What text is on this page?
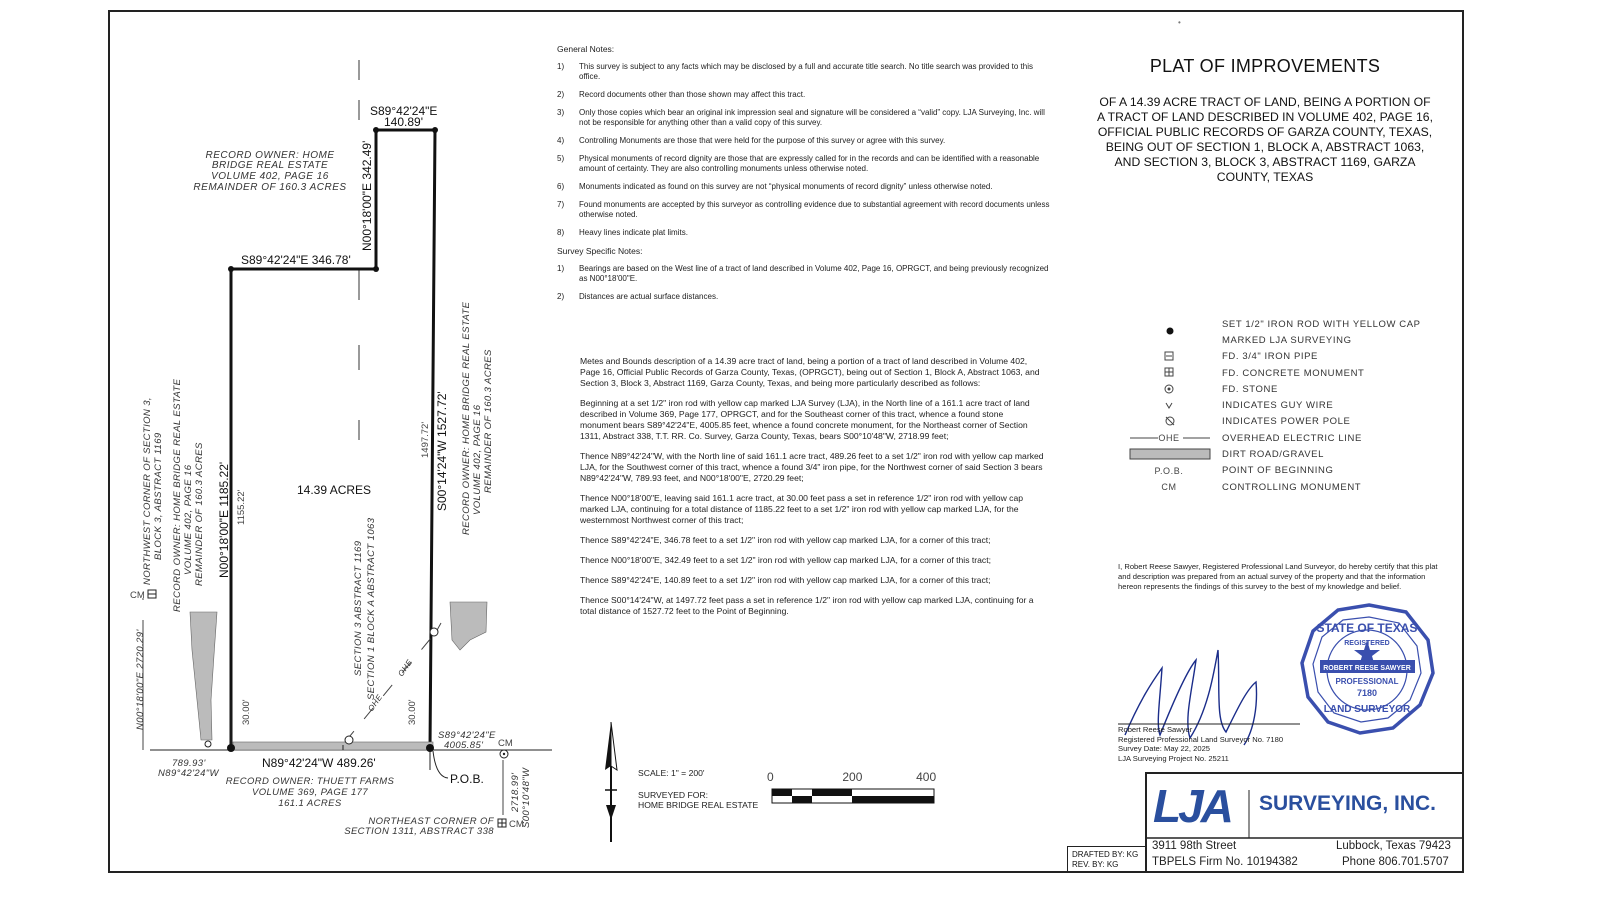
RECORD OWNER: HOME
BRIDGE REAL ESTATE
VOLUME 402, PAGE 16
REMAINDER OF 160.3 ACRES
S89°42'24"E
140.89'
N00°18'00"E 342.49'
S89°42'24"E 346.78'
N00°18'00"E 1185.22'	14.39 ACRES	S00°14'24"W 1527.72'
N89°42'24"W 489.26'
P.O.B.
1155.22'
1497.72'
30.00'	30.00'
CM
CM
CM
RECORD OWNER: HOME BRIDGE REAL ESTATE VOLUME 402, PAGE 16 REMAINDER OF 160.3 ACRES
NORTHWEST CORNER OF SECTION 3, BLOCK 3, ABSTRACT 1169 RECORD OWNER: HOME BRIDGE REAL ESTATE VOLUME 402, PAGE 16 REMAINDER OF 160.3 ACRES
N00°18'00"E 2720.29'
SECTION 3 ABSTRACT 1169 SECTION 1 BLOCK A ABSTRACT 1063
OHE
OHE
S89°42'24"E
4005.85'
789.93'
N89°42'24"W
RECORD OWNER: THUETT FARMS
VOLUME 369, PAGE 177
161.1 ACRES
NORTHEAST CORNER OF
SECTION 1311, ABSTRACT 338
2718.99' S00°10'48"W
STATE OF TEXAS
REGISTERED
ROBERT REESE SAWYER
PROFESSIONAL
7180
LAND SURVEYOR
General Notes:
1)	This survey is subject to any facts which may be disclosed by a full and accurate title search. No title search was provided to this office.
2)	Record documents other than those shown may affect this tract.
3)	Only those copies which bear an original ink impression seal and signature will be considered a “valid” copy. LJA Surveying, Inc. will not be responsible for anything other than a valid copy of this survey.
4)	Controlling Monuments are those that were held for the purpose of this survey or agree with this survey.
5)	Physical monuments of record dignity are those that are expressly called for in the records and can be identified with a reasonable amount of certainty. They are also controlling monuments unless otherwise noted.
6)	Monuments indicated as found on this survey are not “physical monuments of record dignity” unless otherwise noted.
7)	Found monuments are accepted by this surveyor as controlling evidence due to substantial agreement with record documents unless otherwise noted.
8)	Heavy lines indicate plat limits.
Survey Specific Notes:
1)	Bearings are based on the West line of a tract of land described in Volume 402, Page 16, OPRGCT, and being previously recognized as N00°18'00"E.
2)	Distances are actual surface distances.

Metes and Bounds description of a 14.39 acre tract of land, being a portion of a tract of land described in Volume 402, Page 16, Official Public Records of Garza County, Texas, (OPRGCT), being out of Section 1, Block A, Abstract 1063, and Section 3, Block 3, Abstract 1169, Garza County, Texas, and being more particularly described as follows:

Beginning at a set 1/2" iron rod with yellow cap marked LJA Survey (LJA), in the North line of a 161.1 acre tract of land described in Volume 369, Page 177, OPRGCT, and for the Southeast corner of this tract, whence a found stone monument bears S89°42'24"E, 4005.85 feet, whence a found concrete monument, for the Northeast corner of Section 1311, Abstract 338, T.T. RR. Co. Survey, Garza County, Texas, bears S00°10'48"W, 2718.99 feet;

Thence N89°42'24"W, with the North line of said 161.1 acre tract, 489.26 feet to a set 1/2" iron rod with yellow cap marked LJA, for the Southwest corner of this tract, whence a found 3/4" iron pipe, for the Northwest corner of said Section 3 bears N89°42'24"W, 789.93 feet, and N00°18'00"E, 2720.29 feet;

Thence N00°18'00"E, leaving said 161.1 acre tract, at 30.00 feet pass a set in reference 1/2" iron rod with yellow cap marked LJA, continuing for a total distance of 1185.22 feet to a set 1/2" iron rod with yellow cap marked LJA, for the westernmost Northwest corner of this tract;

Thence S89°42'24"E, 346.78 feet to a set 1/2" iron rod with yellow cap marked LJA, for a corner of this tract;

Thence N00°18'00"E, 342.49 feet to a set 1/2" iron rod with yellow cap marked LJA, for a corner of this tract;

Thence S89°42'24"E, 140.89 feet to a set 1/2" iron rod with yellow cap marked LJA, for a corner of this tract;

Thence S00°14'24"W, at 1497.72 feet pass a set in reference 1/2" iron rod with yellow cap marked LJA, continuing for a total distance of 1527.72 feet to the Point of Beginning.

PLAT OF IMPROVEMENTS
OF A 14.39 ACRE TRACT OF LAND, BEING A PORTION OF A TRACT OF LAND DESCRIBED IN VOLUME 402, PAGE 16, OFFICIAL PUBLIC RECORDS OF GARZA COUNTY, TEXAS, BEING OUT OF SECTION 1, BLOCK A, ABSTRACT 1063, AND SECTION 3, BLOCK 3, ABSTRACT 1169, GARZA COUNTY, TEXAS
•
SET 1/2" IRON ROD WITH YELLOW CAP
MARKED LJA SURVEYING
FD. 3/4" IRON PIPE
FD. CONCRETE MONUMENT
FD. STONE
INDICATES GUY WIRE
INDICATES POWER POLE
OHE	OVERHEAD ELECTRIC LINE
DIRT ROAD/GRAVEL
P.O.B.	POINT OF BEGINNING
CM	CONTROLLING MONUMENT
I, Robert Reese Sawyer, Registered Professional Land Surveyor, do hereby certify that this plat and description was prepared from an actual survey of the property and that the information hereon represents the findings of this survey to the best of my knowledge and belief.
Robert Reese Sawyer
Registered Professional Land Surveyor No. 7180
Survey Date: May 22, 2025
LJA Surveying Project No. 25211
SCALE: 1" = 200'
SURVEYED FOR:
HOME BRIDGE REAL ESTATE
0	200	400
DRAFTED BY: KG
REV. BY: KG
LJA SURVEYING, INC.
3911 98th Street
TBPELS Firm No. 10194382
Lubbock, Texas 79423
Phone 806.701.5707
